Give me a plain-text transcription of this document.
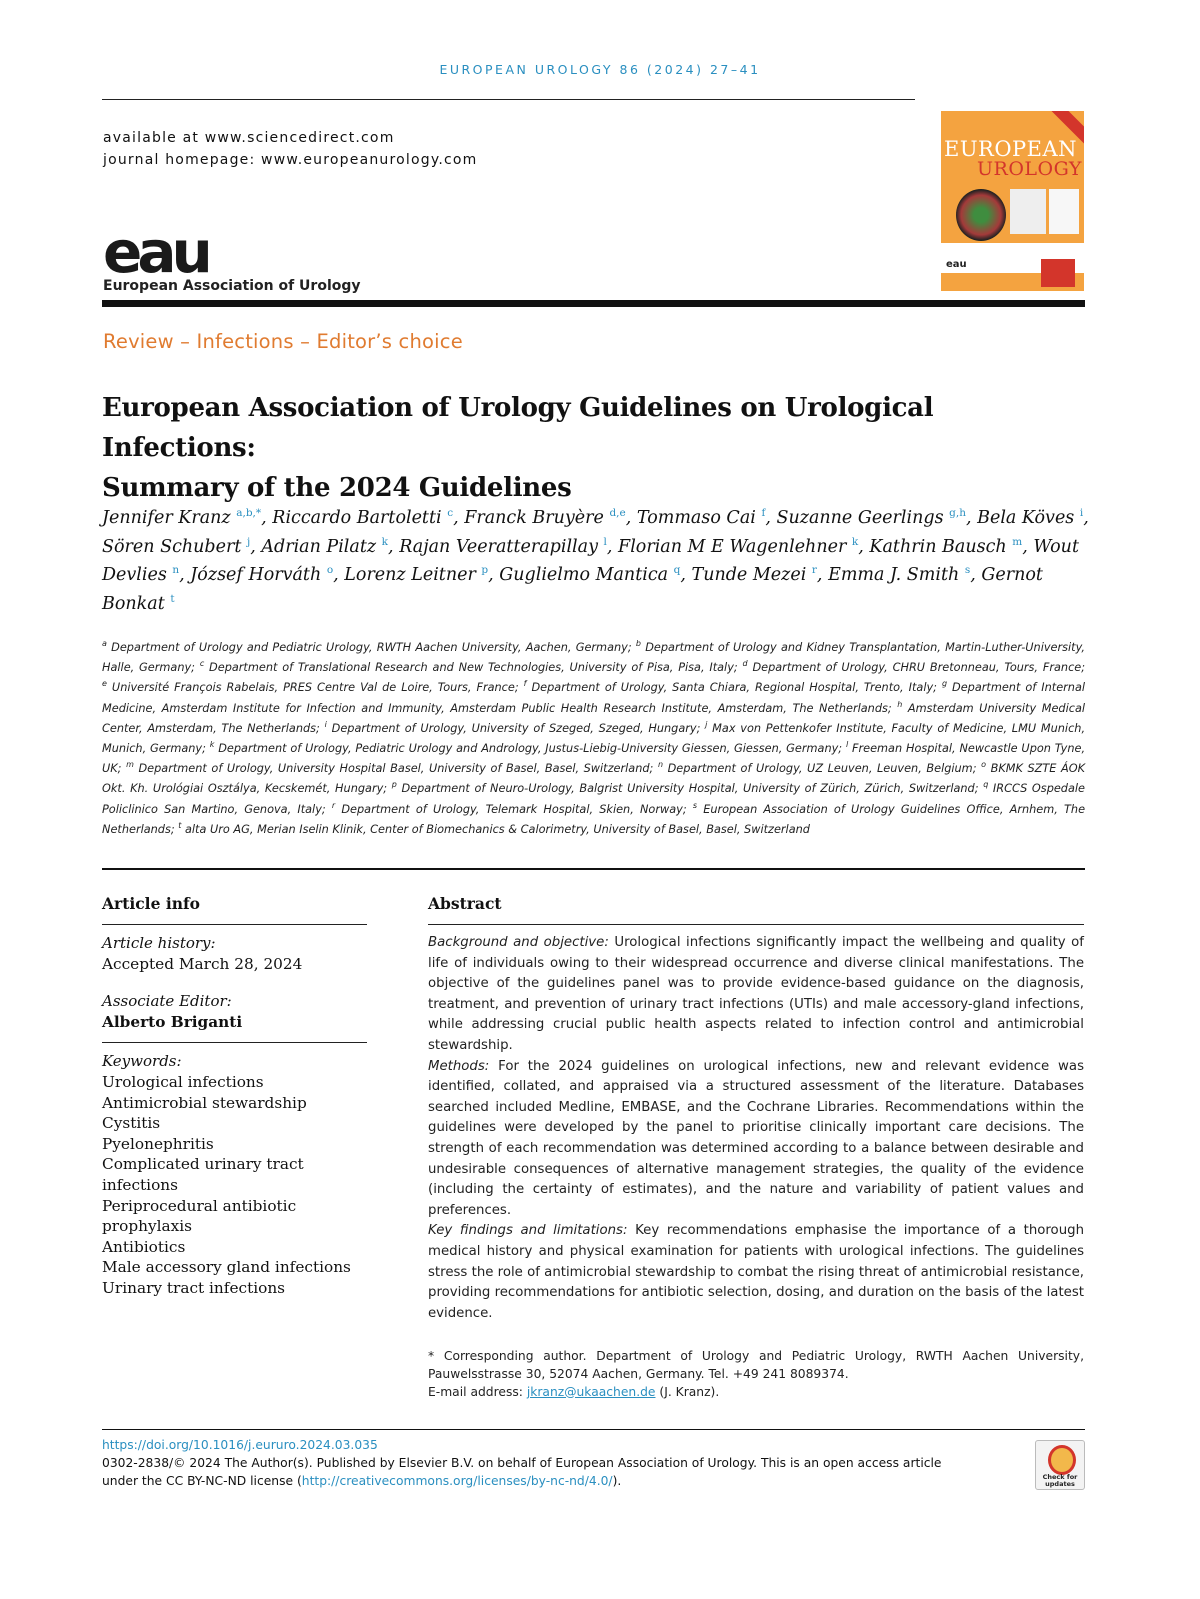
EUROPEAN UROLOGY 86 (2024) 27–41
available at www.sciencedirect.com
journal homepage: www.europeanurology.com
eau
European Association of Urology
EUROPEAN
UROLOGY
eau
Review – Infections – Editor’s choice
European Association of Urology Guidelines on Urological Infections:
Summary of the 2024 Guidelines
Jennifer Kranz $^{a,b,*}$, Riccardo Bartoletti $^c$, Franck Bruyère $^{d,e}$, Tommaso Cai $^f$, Suzanne Geerlings $^{g,h}$, Bela Köves $^i$, Sören Schubert $^j$, Adrian Pilatz $^k$, Rajan Veeratterapillay $^l$, Florian M E Wagenlehner $^k$, Kathrin Bausch $^m$, Wout Devlies $^n$, József Horváth $^o$, Lorenz Leitner $^p$, Guglielmo Mantica $^q$, Tunde Mezei $^r$, Emma J. Smith $^s$, Gernot Bonkat $^t$
$^a$ Department of Urology and Pediatric Urology, RWTH Aachen University, Aachen, Germany; $^b$ Department of Urology and Kidney Transplantation, Martin-Luther-University, Halle, Germany; $^c$ Department of Translational Research and New Technologies, University of Pisa, Pisa, Italy; $^d$ Department of Urology, CHRU Bretonneau, Tours, France; $^e$ Université François Rabelais, PRES Centre Val de Loire, Tours, France; $^f$ Department of Urology, Santa Chiara, Regional Hospital, Trento, Italy; $^g$ Department of Internal Medicine, Amsterdam Institute for Infection and Immunity, Amsterdam Public Health Research Institute, Amsterdam, The Netherlands; $^h$ Amsterdam University Medical Center, Amsterdam, The Netherlands; $^i$ Department of Urology, University of Szeged, Szeged, Hungary; $^j$ Max von Pettenkofer Institute, Faculty of Medicine, LMU Munich, Munich, Germany; $^k$ Department of Urology, Pediatric Urology and Andrology, Justus-Liebig-University Giessen, Giessen, Germany; $^l$ Freeman Hospital, Newcastle Upon Tyne, UK; $^m$ Department of Urology, University Hospital Basel, University of Basel, Basel, Switzerland; $^n$ Department of Urology, UZ Leuven, Leuven, Belgium; $^o$ BKMK SZTE ÁOK Okt. Kh. Urológiai Osztálya, Kecskemét, Hungary; $^p$ Department of Neuro-Urology, Balgrist University Hospital, University of Zürich, Zürich, Switzerland; $^q$ IRCCS Ospedale Policlinico San Martino, Genova, Italy; $^r$ Department of Urology, Telemark Hospital, Skien, Norway; $^s$ European Association of Urology Guidelines Office, Arnhem, The Netherlands; $^t$ alta Uro AG, Merian Iselin Klinik, Center of Biomechanics & Calorimetry, University of Basel, Basel, Switzerland
Article info
Article history:
Accepted March 28, 2024
Associate Editor:
Alberto Briganti
Keywords:
Urological infections
Antimicrobial stewardship
Cystitis
Pyelonephritis
Complicated urinary tract
infections
Periprocedural antibiotic
prophylaxis
Antibiotics
Male accessory gland infections
Urinary tract infections
Abstract
Background and objective: Urological infections significantly impact the wellbeing and quality of life of individuals owing to their widespread occurrence and diverse clinical manifestations. The objective of the guidelines panel was to provide evidence-based guidance on the diagnosis, treatment, and prevention of urinary tract infections (UTIs) and male accessory-gland infections, while addressing crucial public health aspects related to infection control and antimicrobial stewardship.
Methods: For the 2024 guidelines on urological infections, new and relevant evidence was identified, collated, and appraised via a structured assessment of the literature. Databases searched included Medline, EMBASE, and the Cochrane Libraries. Recommendations within the guidelines were developed by the panel to prioritise clinically important care decisions. The strength of each recommendation was determined according to a balance between desirable and undesirable consequences of alternative management strategies, the quality of the evidence (including the certainty of estimates), and the nature and variability of patient values and preferences.
Key findings and limitations: Key recommendations emphasise the importance of a thorough medical history and physical examination for patients with urological infections. The guidelines stress the role of antimicrobial stewardship to combat the rising threat of antimicrobial resistance, providing recommendations for antibiotic selection, dosing, and duration on the basis of the latest evidence.
* Corresponding author. Department of Urology and Pediatric Urology, RWTH Aachen University, Pauwelsstrasse 30, 52074 Aachen, Germany. Tel. +49 241 8089374.
E-mail address: jkranz@ukaachen.de (J. Kranz).
https://doi.org/10.1016/j.eururo.2024.03.035
0302-2838/© 2024 The Author(s). Published by Elsevier B.V. on behalf of European Association of Urology. This is an open access article
under the CC BY-NC-ND license (http://creativecommons.org/licenses/by-nc-nd/4.0/).	Check for updates
